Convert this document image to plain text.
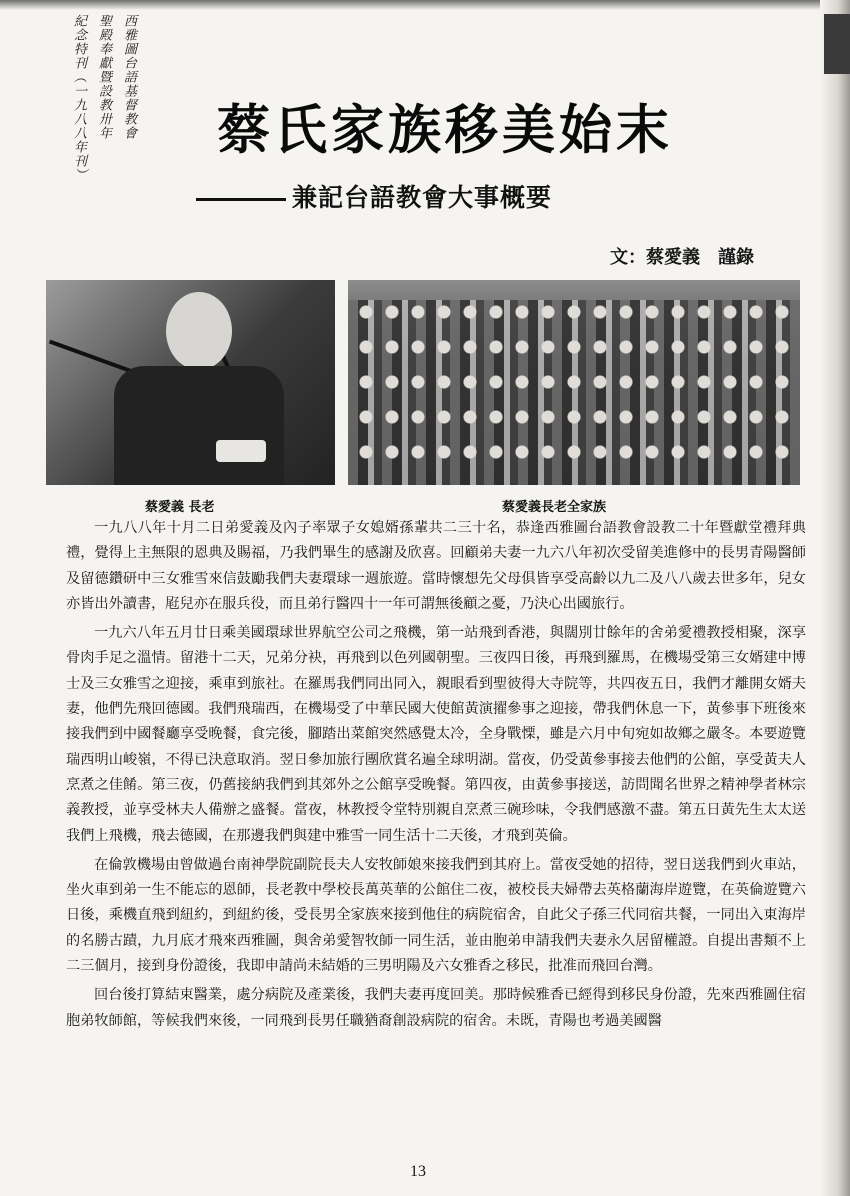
西雅圖台語基督教會
聖殿奉獻暨設教卅年
紀念特刊（一九八八年刊）	蔡氏家族移美始末
兼記台語教會大事概要
文：蔡愛義　謹錄
蔡愛義 長老	蔡愛義長老全家族

一九八八年十月二日弟愛義及內子率眾子女媳婿孫輩共二三十名，恭逢西雅圖台語教會設教二十年暨獻堂禮拜典禮，覺得上主無限的恩典及賜福，乃我們畢生的感謝及欣喜。回顧弟夫妻一九六八年初次受留美進修中的長男青陽醫師及留德鑽研中三女雅雪來信鼓勵我們夫妻環球一週旅遊。當時懷想先父母俱皆享受高齡以九二及八八歲去世多年，兒女亦皆出外讀書，屘兒亦在服兵役，而且弟行醫四十一年可謂無後顧之憂，乃決心出國旅行。

一九六八年五月廿日乘美國環球世界航空公司之飛機，第一站飛到香港，與闊別廿餘年的舍弟愛禮教授相聚，深享骨肉手足之溫情。留港十二天，兄弟分袂，再飛到以色列國朝聖。三夜四日後，再飛到羅馬，在機場受第三女婿建中博士及三女雅雪之迎接，乘車到旅社。在羅馬我們同出同入，親眼看到聖彼得大寺院等，共四夜五日，我們才離開女婿夫妻，他們先飛回德國。我們飛瑞西，在機場受了中華民國大使館黃演擢參事之迎接，帶我們休息一下，黃參事下班後來接我們到中國餐廳享受晚餐，食完後，腳踏出菜館突然感覺太冷，全身戰慄，雖是六月中旬宛如故鄉之嚴冬。本要遊覽瑞西明山峻嶺，不得已決意取消。翌日參加旅行團欣賞名遍全球明湖。當夜，仍受黃參事接去他們的公館，享受黃夫人烹煮之佳餚。第三夜，仍舊接納我們到其郊外之公館享受晚餐。第四夜，由黃參事接送，訪問聞名世界之精神學者林宗義教授，並享受林夫人備辦之盛餐。當夜，林教授令堂特別親自烹煮三碗珍味，令我們感激不盡。第五日黃先生太太送我們上飛機，飛去德國，在那邊我們與建中雅雪一同生活十二天後，才飛到英倫。

在倫敦機場由曾做過台南神學院副院長夫人安牧師娘來接我們到其府上。當夜受她的招待，翌日送我們到火車站，坐火車到弟一生不能忘的恩師，長老教中學校長萬英華的公館住二夜，被校長夫婦帶去英格蘭海岸遊覽，在英倫遊覽六日後，乘機直飛到紐約，到紐約後，受長男全家族來接到他住的病院宿舍，自此父子孫三代同宿共餐，一同出入東海岸的名勝古蹟，九月底才飛來西雅圖，與舍弟愛智牧師一同生活，並由胞弟申請我們夫妻永久居留權證。自提出書類不上二三個月，接到身份證後，我即申請尚未結婚的三男明陽及六女雅香之移民，批准而飛回台灣。

回台後打算結束醫業，處分病院及產業後，我們夫妻再度回美。那時候雅香已經得到移民身份證，先來西雅圖住宿胞弟牧師館，等候我們來後，一同飛到長男任職猶裔創設病院的宿舍。未既，青陽也考過美國醫

13
